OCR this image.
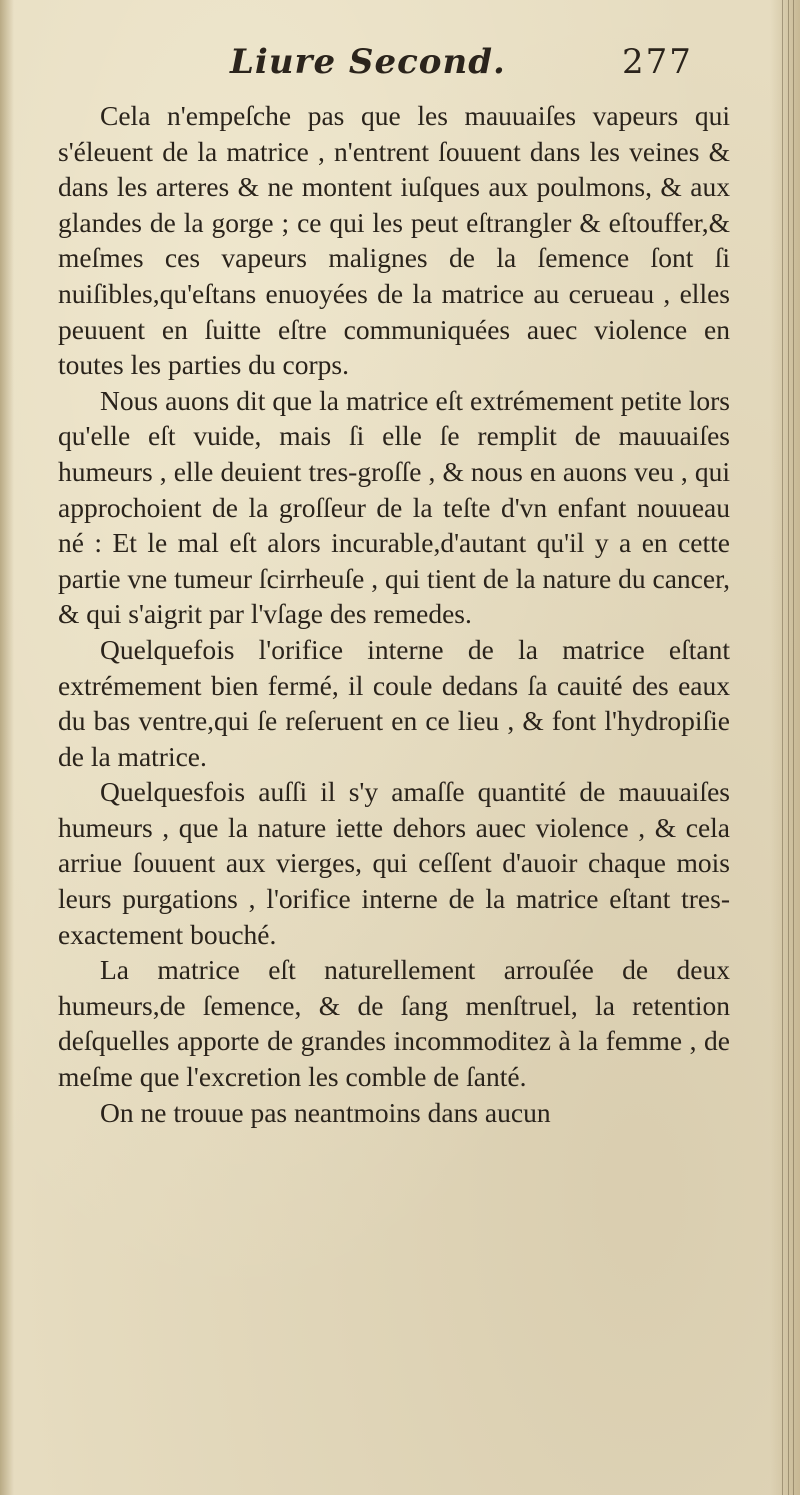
Liure Second.	277

Cela n'empeſche pas que les mauuaiſes vapeurs qui s'éleuent de la matrice , n'entrent ſouuent dans les veines & dans les arteres & ne montent iuſques aux poulmons, & aux glandes de la gorge ; ce qui les peut eſtrangler & eſtouffer,& meſmes ces vapeurs malignes de la ſemence ſont ſi nuiſibles,qu'eſtans enuoyées de la matrice au cerueau , elles peuuent en ſuitte eſtre communiquées auec violence en toutes les parties du corps.

Nous auons dit que la matrice eſt extrémement petite lors qu'elle eſt vuide, mais ſi elle ſe remplit de mauuaiſes humeurs , elle deuient tres-groſſe , & nous en auons veu , qui approchoient de la groſſeur de la teſte d'vn enfant nouueau né : Et le mal eſt alors incurable,d'autant qu'il y a en cette partie vne tumeur ſcirrheuſe , qui tient de la nature du cancer, & qui s'aigrit par l'vſage des remedes.

Quelquefois l'orifice interne de la matrice eſtant extrémement bien fermé, il coule dedans ſa cauité des eaux du bas ventre,qui ſe reſeruent en ce lieu , & font l'hydropiſie de la matrice.

Quelquesfois auſſi il s'y amaſſe quantité de mauuaiſes humeurs , que la nature iette dehors auec violence , & cela arriue ſouuent aux vierges, qui ceſſent d'auoir chaque mois leurs purgations , l'orifice interne de la matrice eſtant tres-exactement bouché.

La matrice eſt naturellement arrouſée de deux humeurs,de ſemence, & de ſang menſtruel, la retention deſquelles apporte de grandes incommoditez à la femme , de meſme que l'excretion les comble de ſanté.

On ne trouue pas neantmoins dans aucun
